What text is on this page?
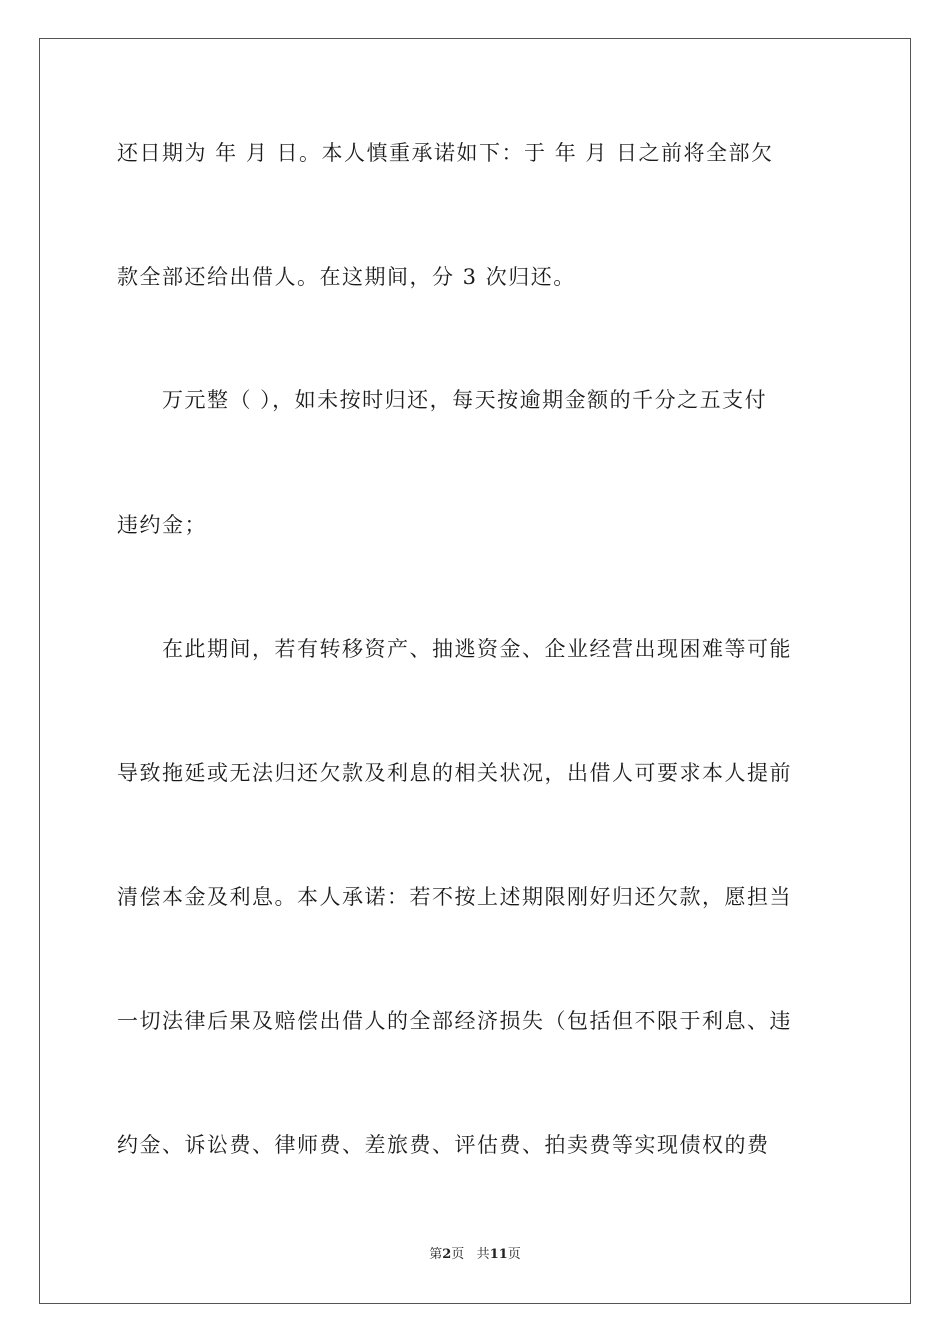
还日期为 年 月 日。本人慎重承诺如下：于 年 月 日之前将全部欠
款全部还给出借人。在这期间，分 3 次归还。
万元整（ ），如未按时归还，每天按逾期金额的千分之五支付
违约金；
在此期间，若有转移资产、抽逃资金、企业经营出现困难等可能
导致拖延或无法归还欠款及利息的相关状况，出借人可要求本人提前
清偿本金及利息。本人承诺：若不按上述期限刚好归还欠款，愿担当
一切法律后果及赔偿出借人的全部经济损失（包括但不限于利息、违
约金、诉讼费、律师费、差旅费、评估费、拍卖费等实现债权的费
第2页 共11页
